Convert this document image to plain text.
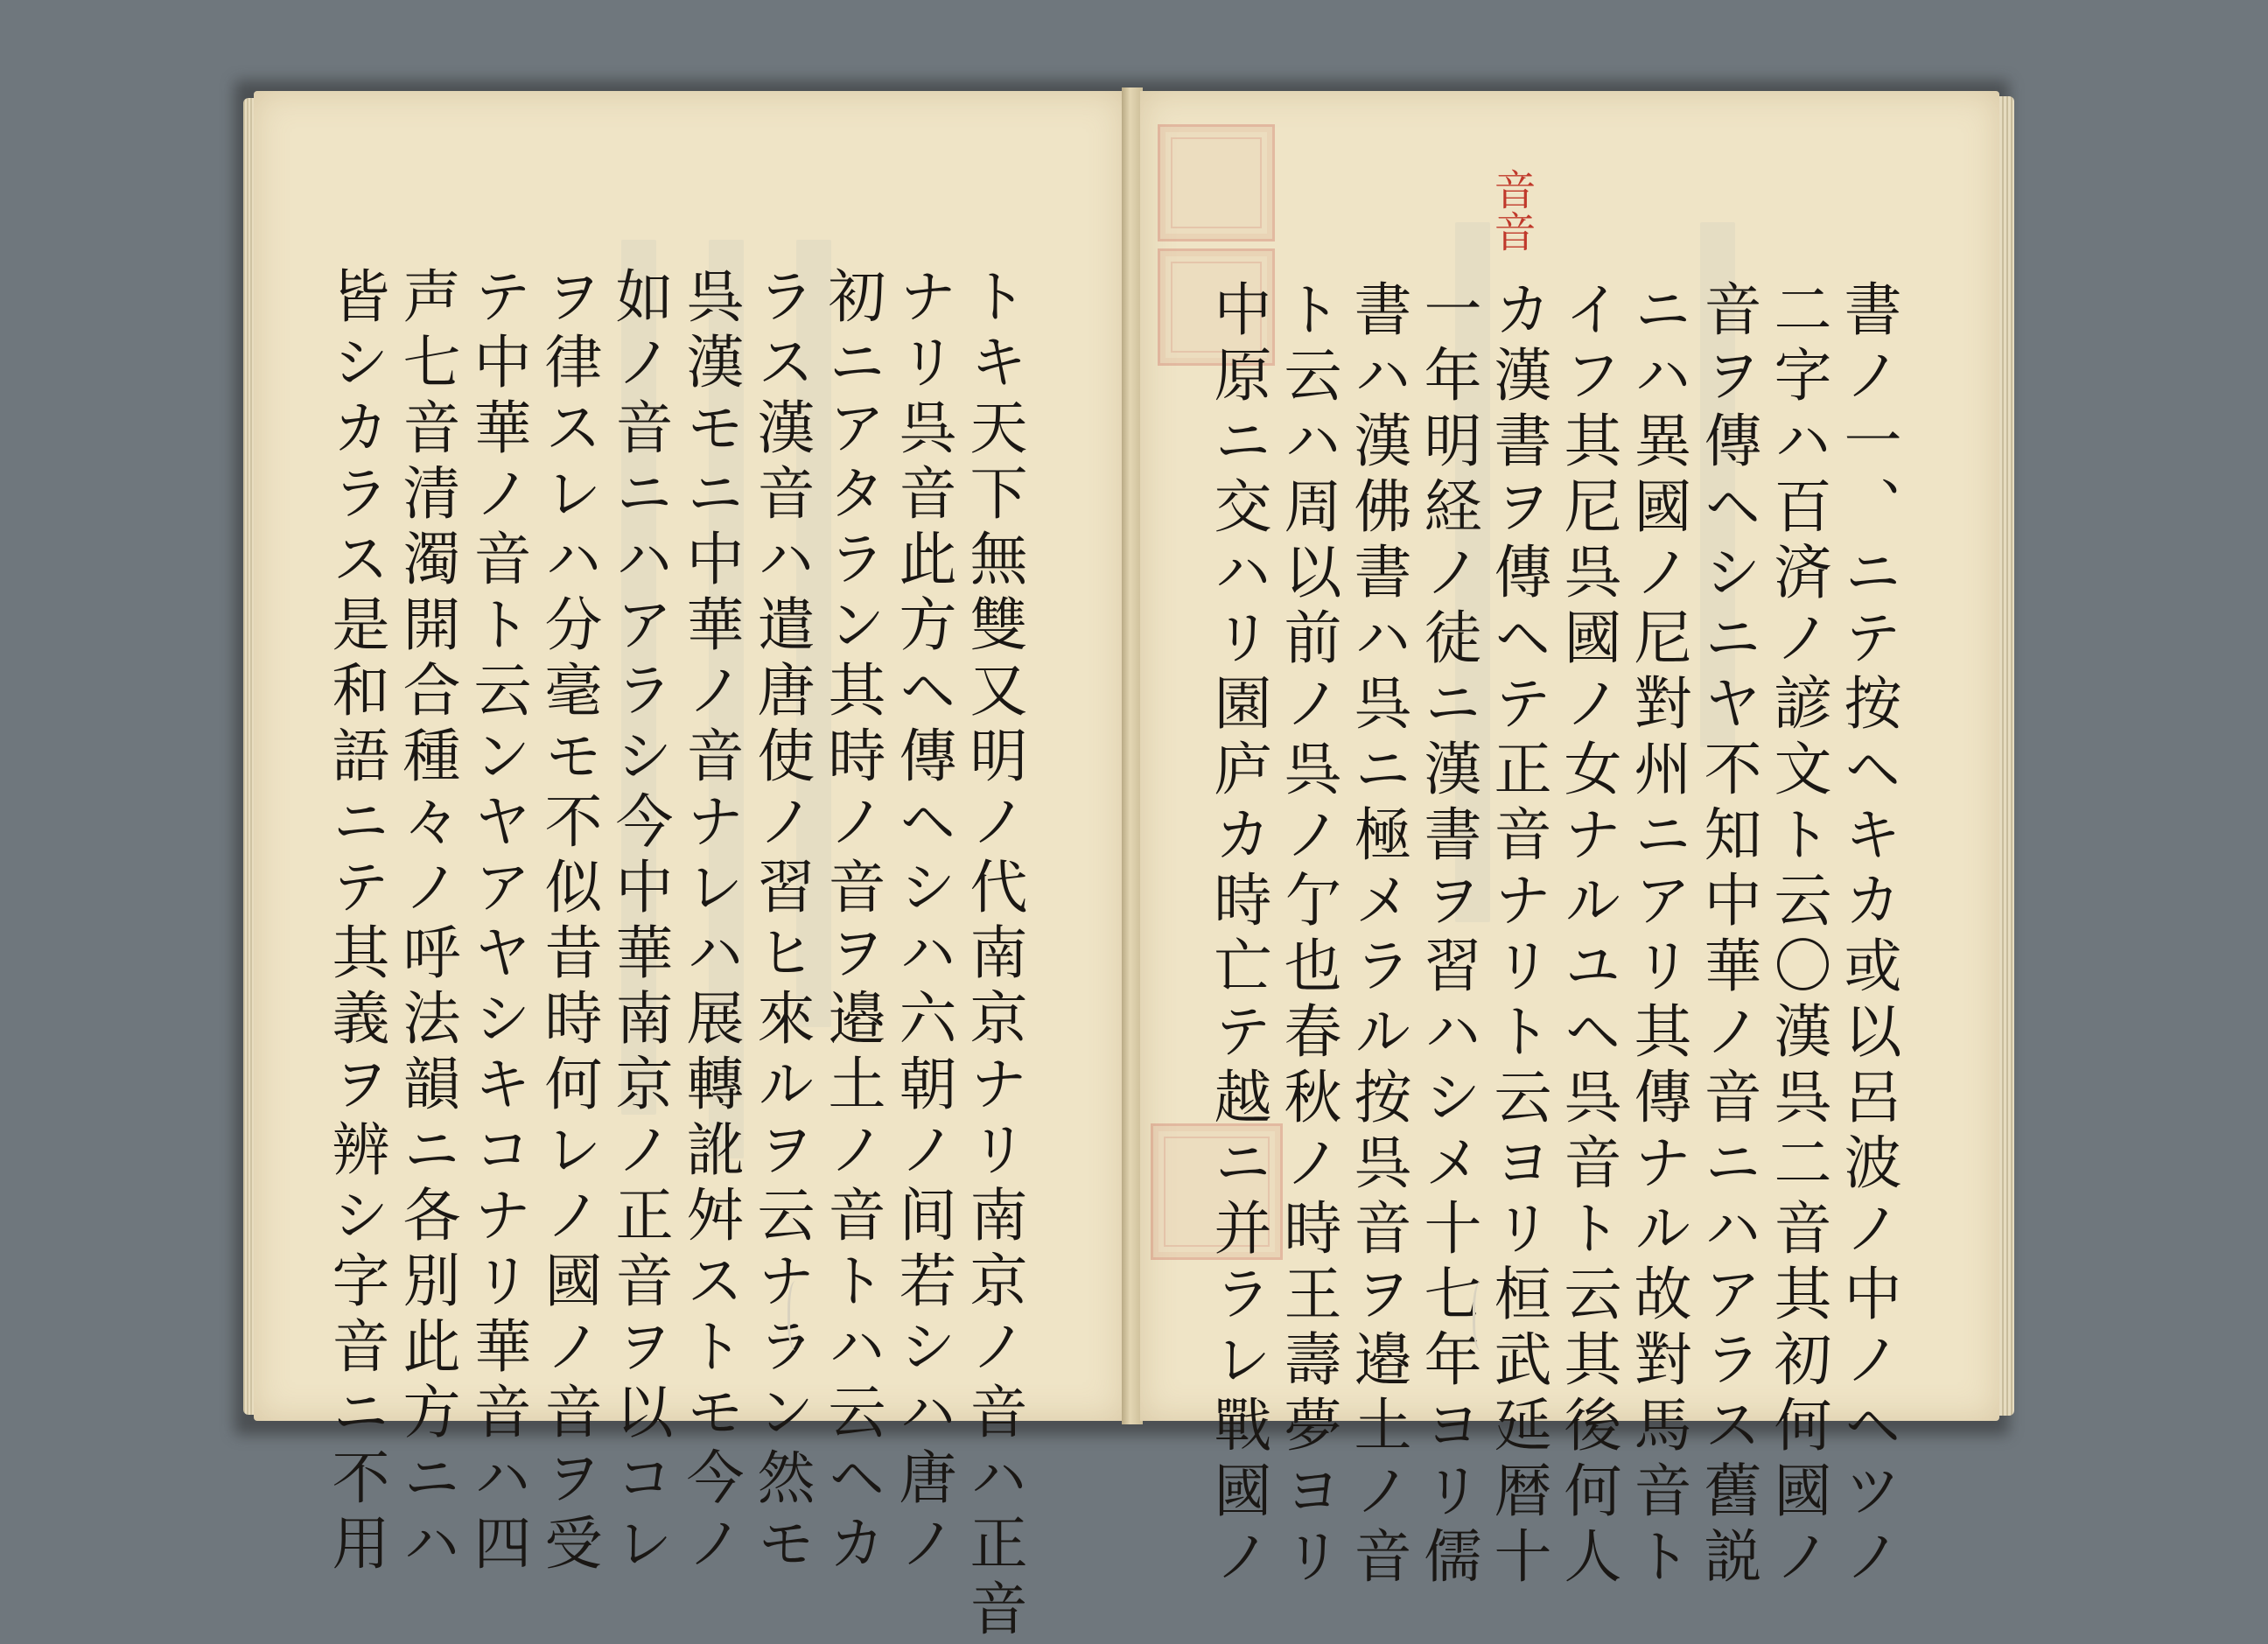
トキ天下無雙又明ノ代南京ナリ南京ノ音ハ正音
ナリ呉音此方ヘ傳ヘシハ六朝ノ间若シハ唐ノ
初ニアタラン其時ノ音ヲ邉土ノ音トハ云ヘカ
ラス漢音ハ遣唐使ノ習ヒ來ルヲ云ナラン然モ
呉漢モニ中華ノ音ナレハ展轉訛舛ストモ今ノ
如ノ音ニハアラシ今中華南京ノ正音ヲ以コレ
ヲ律スレハ分毫モ不似昔時何レノ國ノ音ヲ受
テ中華ノ音ト云ンヤアヤシキコナリ華音ハ四
声七音清濁開合種々ノ呼法韻ニ各別此方ニハ
皆シカラス是和語ニテ其義ヲ辨シ字音ニ不用
音音
書ノ一、ニテ按ヘキカ或以呂波ノ中ノヘツノ
二字ハ百済ノ諺文ト云〇漢呉二音其初何國ノ
音ヲ傳ヘシニヤ不知中華ノ音ニハアラス舊説
ニハ異國ノ尼對州ニアリ其傳ナル故對馬音ト
イフ其尼呉國ノ女ナルユヘ呉音ト云其後何人
カ漢書ヲ傳ヘテ正音ナリト云ヨリ桓武延暦十
一年明経ノ徒ニ漢書ヲ習ハシメ十七年ヨリ儒
書ハ漢佛書ハ呉ニ極メラル按呉音ヲ邉土ノ音
ト云ハ周以前ノ呉ノ亇也春秋ノ時王壽夢ヨリ
中原ニ交ハリ園庐カ時亡テ越ニ并ラレ戰國ノ
